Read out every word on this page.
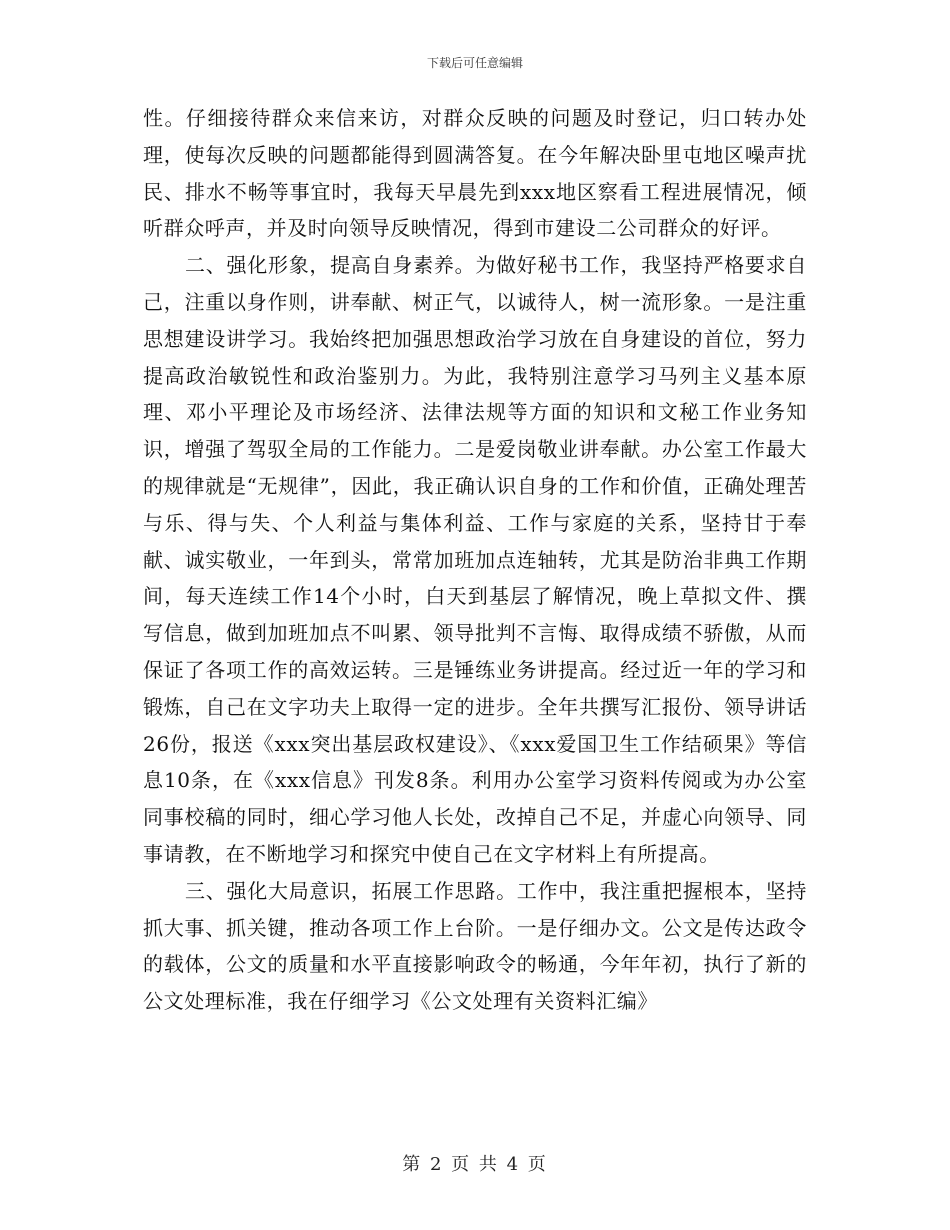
下载后可任意编辑

性。仔细接待群众来信来访，对群众反映的问题及时登记，归口转办处理，使每次反映的问题都能得到圆满答复。在今年解决卧里屯地区噪声扰民、排水不畅等事宜时，我每天早晨先到xxx地区察看工程进展情况，倾听群众呼声，并及时向领导反映情况，得到市建设二公司群众的好评。

二、强化形象，提高自身素养。为做好秘书工作，我坚持严格要求自己，注重以身作则，讲奉献、树正气，以诚待人，树一流形象。一是注重思想建设讲学习。我始终把加强思想政治学习放在自身建设的首位，努力提高政治敏锐性和政治鉴别力。为此，我特别注意学习马列主义基本原理、邓小平理论及市场经济、法律法规等方面的知识和文秘工作业务知识，增强了驾驭全局的工作能力。二是爱岗敬业讲奉献。办公室工作最大的规律就是“无规律”，因此，我正确认识自身的工作和价值，正确处理苦与乐、得与失、个人利益与集体利益、工作与家庭的关系，坚持甘于奉献、诚实敬业，一年到头，常常加班加点连轴转，尤其是防治非典工作期间，每天连续工作14个小时，白天到基层了解情况，晚上草拟文件、撰写信息，做到加班加点不叫累、领导批判不言悔、取得成绩不骄傲，从而保证了各项工作的高效运转。三是锤练业务讲提高。经过近一年的学习和锻炼，自己在文字功夫上取得一定的进步。全年共撰写汇报份、领导讲话26份，报送《xxx突出基层政权建设》、《xxx爱国卫生工作结硕果》等信息10条，在《xxx信息》刊发8条。利用办公室学习资料传阅或为办公室同事校稿的同时，细心学习他人长处，改掉自己不足，并虚心向领导、同事请教，在不断地学习和探究中使自己在文字材料上有所提高。

三、强化大局意识，拓展工作思路。工作中，我注重把握根本，坚持抓大事、抓关键，推动各项工作上台阶。一是仔细办文。公文是传达政令的载体，公文的质量和水平直接影响政令的畅通，今年年初，执行了新的公文处理标准，我在仔细学习《公文处理有关资料汇编》

第 2 页 共 4 页
